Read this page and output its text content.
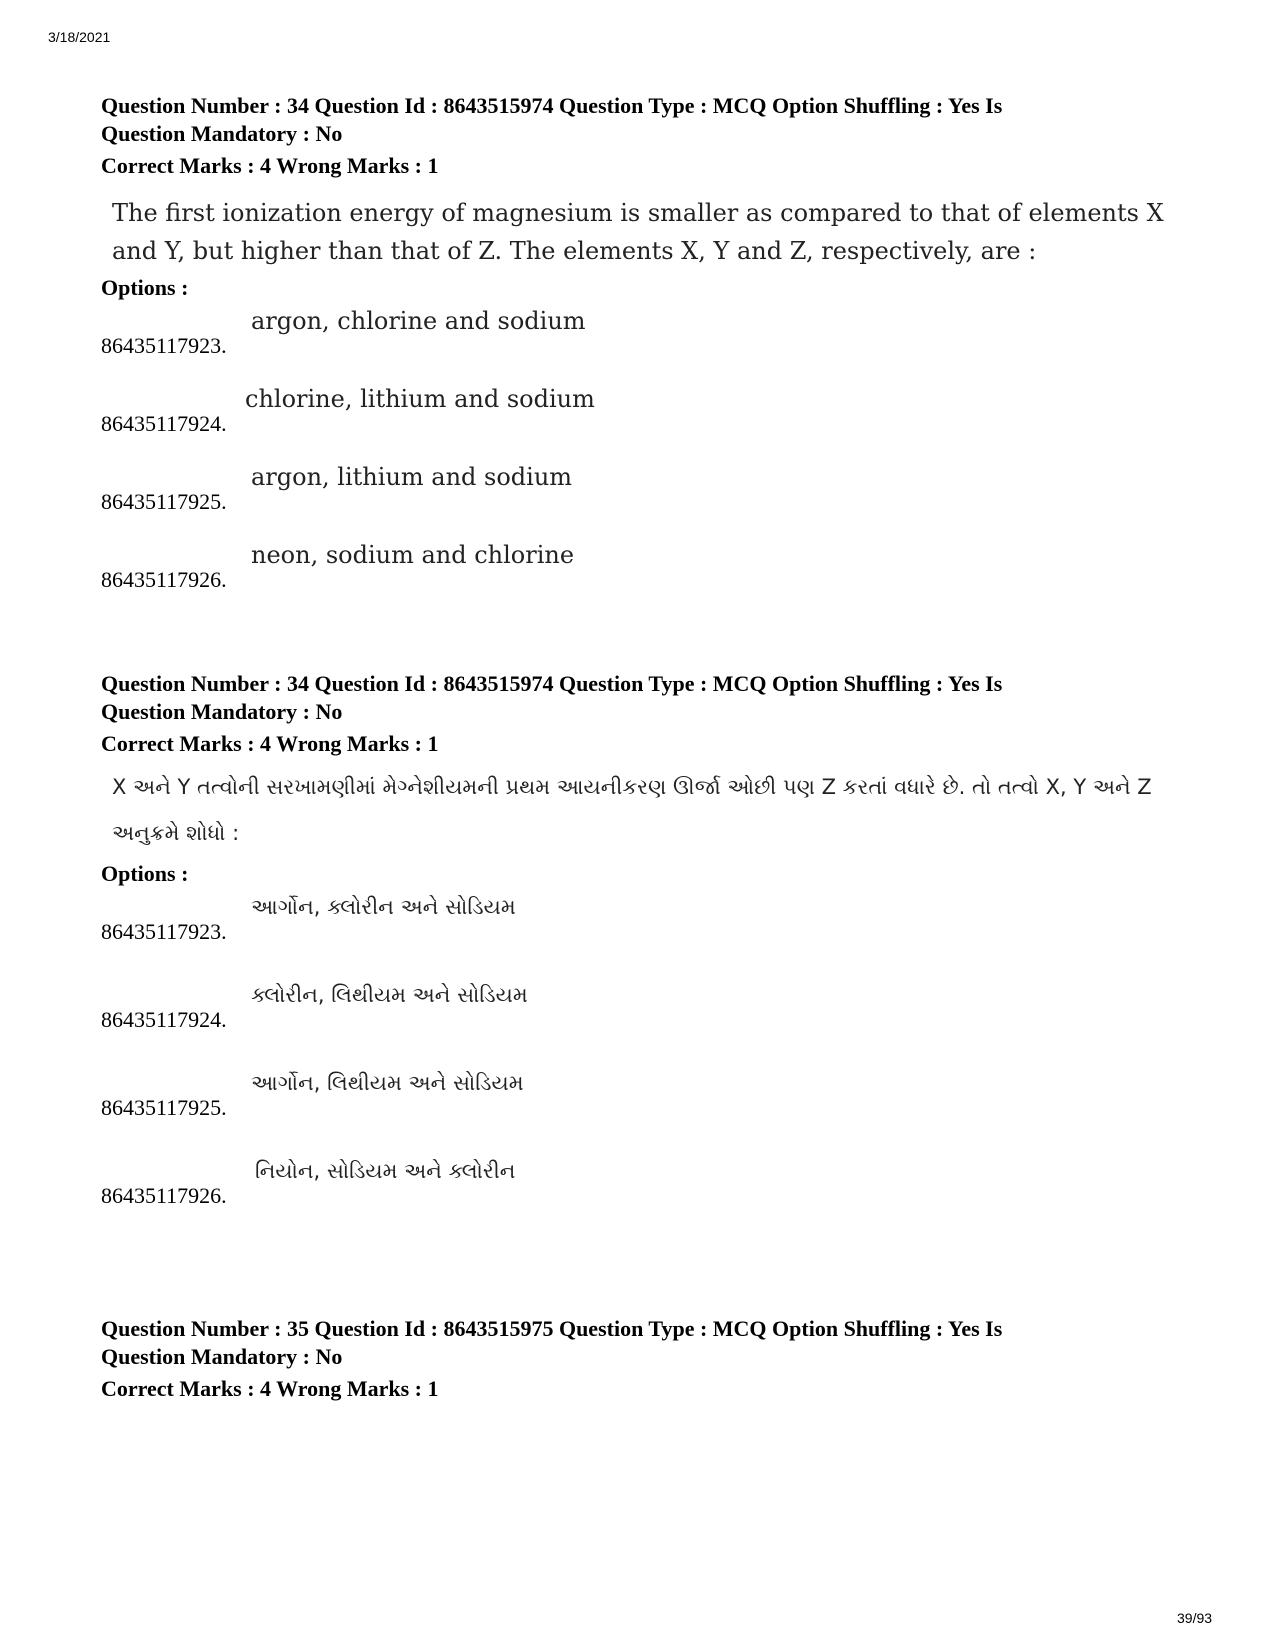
3/18/2021
Question Number : 34 Question Id : 8643515974 Question Type : MCQ Option Shuffling : Yes Is
Question Mandatory : No
Correct Marks : 4 Wrong Marks : 1
The first ionization energy of magnesium is smaller as compared to that of elements X and Y, but higher than that of Z. The elements X, Y and Z, respectively, are :
Options :
86435117923.
argon, chlorine and sodium
86435117924.
chlorine, lithium and sodium
86435117925.
argon, lithium and sodium
86435117926.
neon, sodium and chlorine
Question Number : 34 Question Id : 8643515974 Question Type : MCQ Option Shuffling : Yes Is
Question Mandatory : No
Correct Marks : 4 Wrong Marks : 1
X અને Y તત્વોની સરખામણીમાં મેગ્નેશીયમની પ્રથમ આયનીકરણ ઊર્જા ઓછી પણ Z કરતાં વધારે છે. તો તત્વો X, Y અને Z અનુક્રમે શોધો :
Options :
86435117923.
આર્ગોન, ક્લોરીન અને સોડિયમ
86435117924.
ક્લોરીન, લિથીયમ અને સોડિયમ
86435117925.
આર્ગોન, લિથીયમ અને સોડિયમ
86435117926.
નિયોન, સોડિયમ અને ક્લોરીન
Question Number : 35 Question Id : 8643515975 Question Type : MCQ Option Shuffling : Yes Is
Question Mandatory : No
Correct Marks : 4 Wrong Marks : 1
39/93
